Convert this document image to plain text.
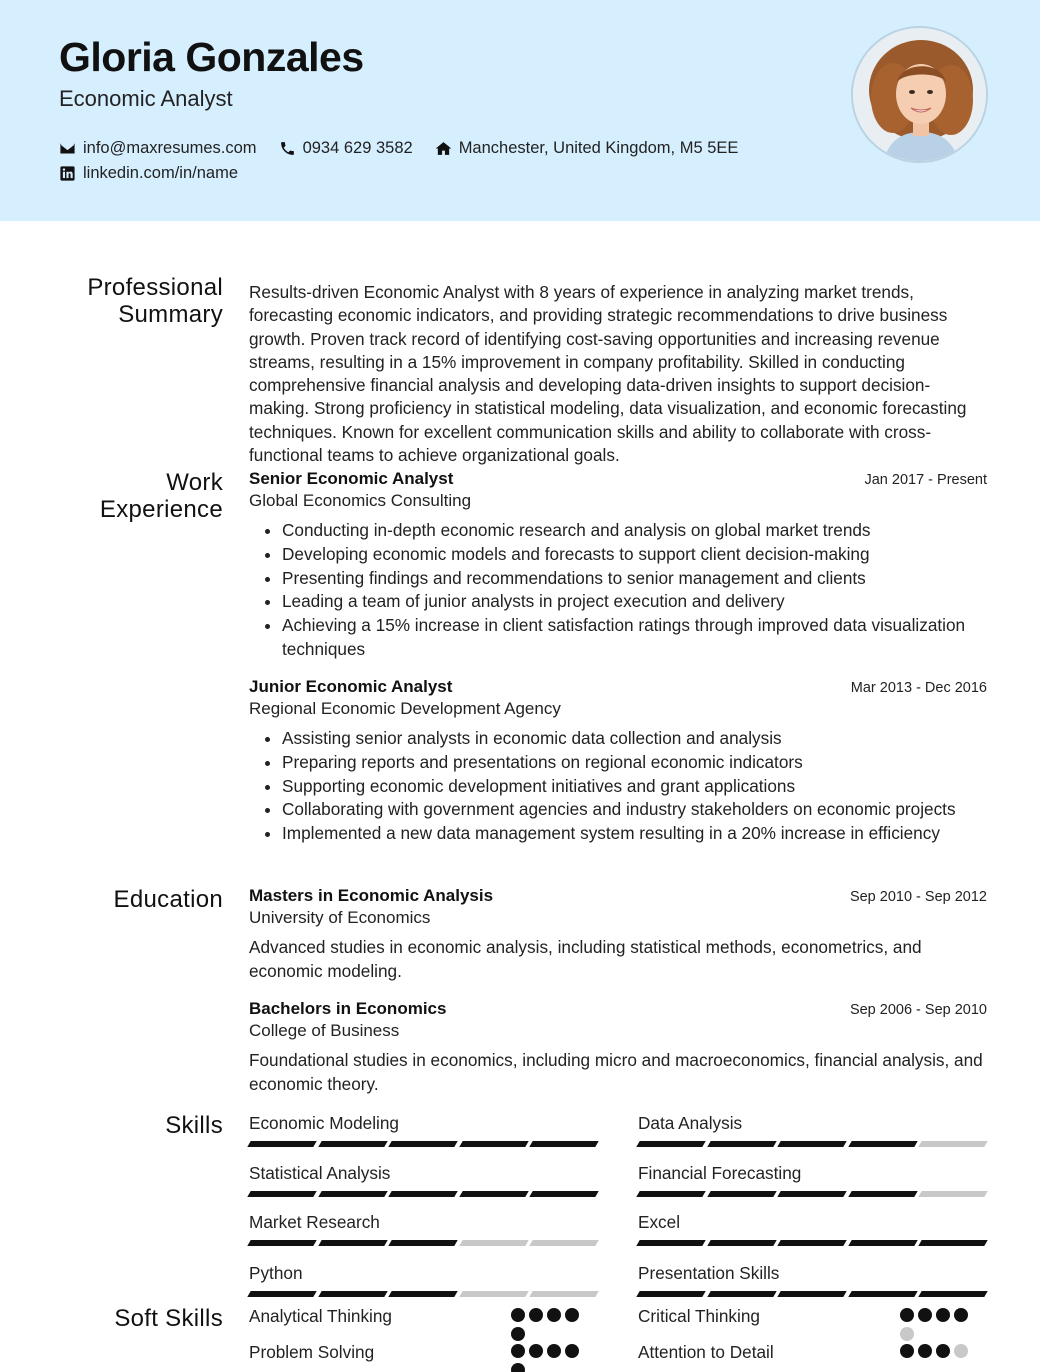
Gloria Gonzales
Economic Analyst
info@maxresumes.com	0934 629 3582	Manchester, United Kingdom, M5 5EE
linkedin.com/in/name
Professional
Summary
Results-driven Economic Analyst with 8 years of experience in analyzing market trends, forecasting economic indicators, and providing strategic recommendations to drive business growth. Proven track record of identifying cost-saving opportunities and increasing revenue streams, resulting in a 15% improvement in company profitability. Skilled in conducting comprehensive financial analysis and developing data-driven insights to support decision-making. Strong proficiency in statistical modeling, data visualization, and economic forecasting techniques. Known for excellent communication skills and ability to collaborate with cross-functional teams to achieve organizational goals.
Work
Experience
Senior Economic Analyst	Jan 2017 - Present
Global Economics Consulting
• Conducting in-depth economic research and analysis on global market trends
• Developing economic models and forecasts to support client decision-making
• Presenting findings and recommendations to senior management and clients
• Leading a team of junior analysts in project execution and delivery
• Achieving a 15% increase in client satisfaction ratings through improved data visualization techniques
Junior Economic Analyst	Mar 2013 - Dec 2016
Regional Economic Development Agency
• Assisting senior analysts in economic data collection and analysis
• Preparing reports and presentations on regional economic indicators
• Supporting economic development initiatives and grant applications
• Collaborating with government agencies and industry stakeholders on economic projects
• Implemented a new data management system resulting in a 20% increase in efficiency
Education Masters in Economic Analysis	Sep 2010 - Sep 2012
University of Economics
Advanced studies in economic analysis, including statistical methods, econometrics, and economic modeling.
Bachelors in Economics	Sep 2006 - Sep 2010
College of Business
Foundational studies in economics, including micro and macroeconomics, financial analysis, and economic theory.
Skills Economic Modeling	Data Analysis
Statistical Analysis	Financial Forecasting
Market Research	Excel
Python	Presentation Skills
Soft Skills Analytical Thinking	Critical Thinking
Problem Solving	Attention to Detail
